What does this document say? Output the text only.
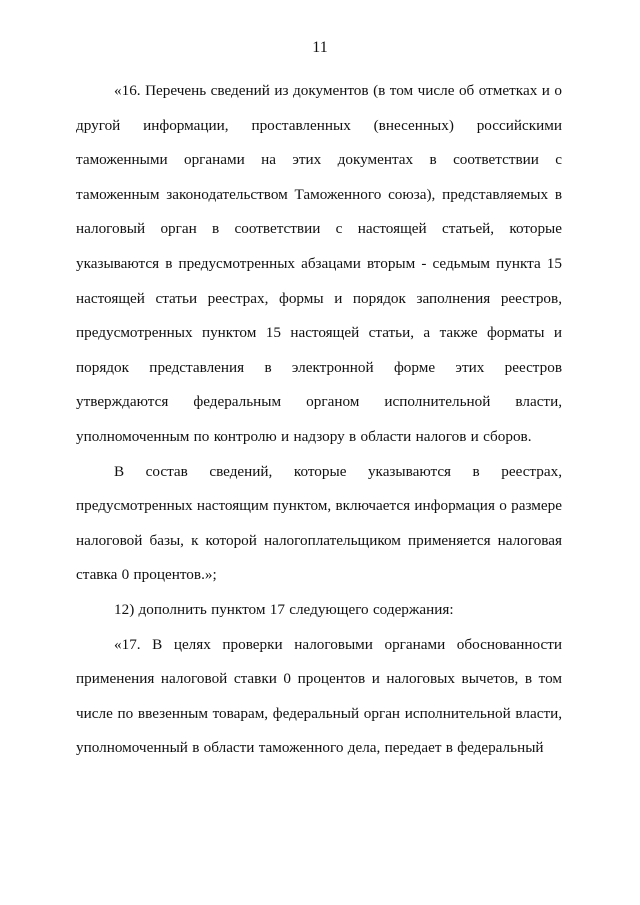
11

«16. Перечень сведений из документов (в том числе об отметках и о другой информации, проставленных (внесенных) российскими таможенными органами на этих документах в соответствии с таможенным законодательством Таможенного союза), представляемых в налоговый орган в соответствии с настоящей статьей, которые указываются в предусмотренных абзацами вторым - седьмым пункта 15 настоящей статьи реестрах, формы и порядок заполнения реестров, предусмотренных пунктом 15 настоящей статьи, а также форматы и порядок представления в электронной форме этих реестров утверждаются федеральным органом исполнительной власти, уполномоченным по контролю и надзору в области налогов и сборов.

В состав сведений, которые указываются в реестрах, предусмотренных настоящим пунктом, включается информация о размере налоговой базы, к которой налогоплательщиком применяется налоговая ставка 0 процентов.»;

12) дополнить пунктом 17 следующего содержания:

«17. В целях проверки налоговыми органами обоснованности применения налоговой ставки 0 процентов и налоговых вычетов, в том числе по ввезенным товарам, федеральный орган исполнительной власти, уполномоченный в области таможенного дела, передает в федеральный
